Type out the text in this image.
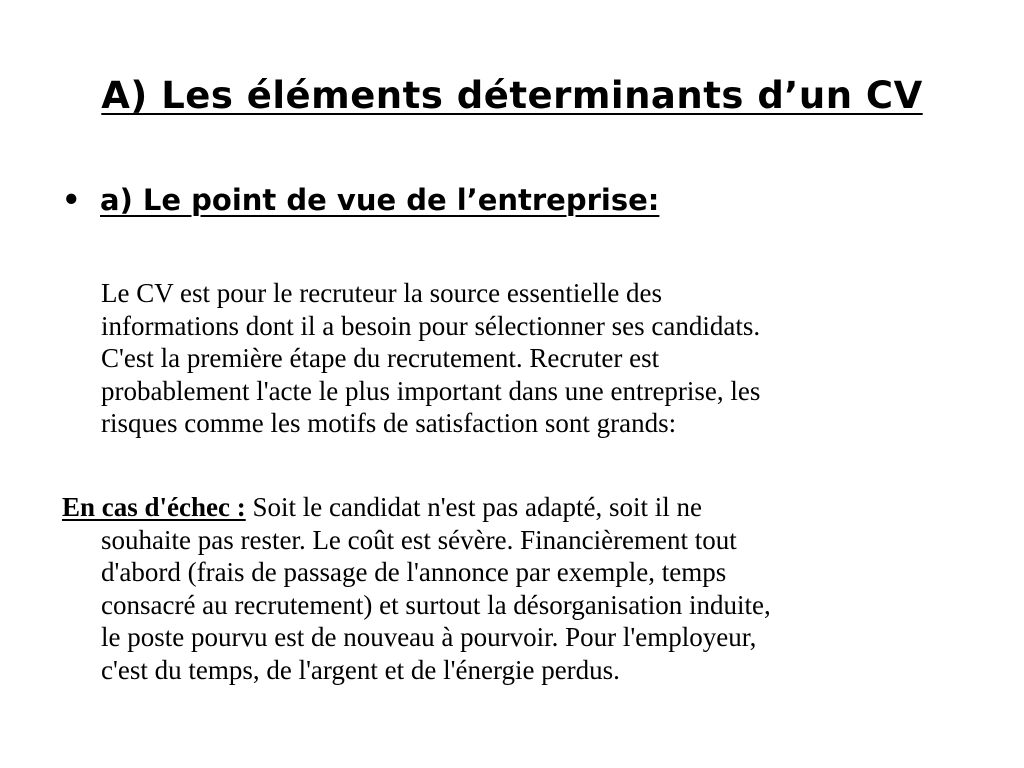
A) Les éléments déterminants d’un CV
• a) Le point de vue de l’entreprise:
Le CV est pour le recruteur la source essentielle des
informations dont il a besoin pour sélectionner ses candidats.
C'est la première étape du recrutement. Recruter est
probablement l'acte le plus important dans une entreprise, les
risques comme les motifs de satisfaction sont grands:
En cas d'échec : Soit le candidat n'est pas adapté, soit il ne
souhaite pas rester. Le coût est sévère. Financièrement tout
d'abord (frais de passage de l'annonce par exemple, temps
consacré au recrutement) et surtout la désorganisation induite,
le poste pourvu est de nouveau à pourvoir. Pour l'employeur,
c'est du temps, de l'argent et de l'énergie perdus.
